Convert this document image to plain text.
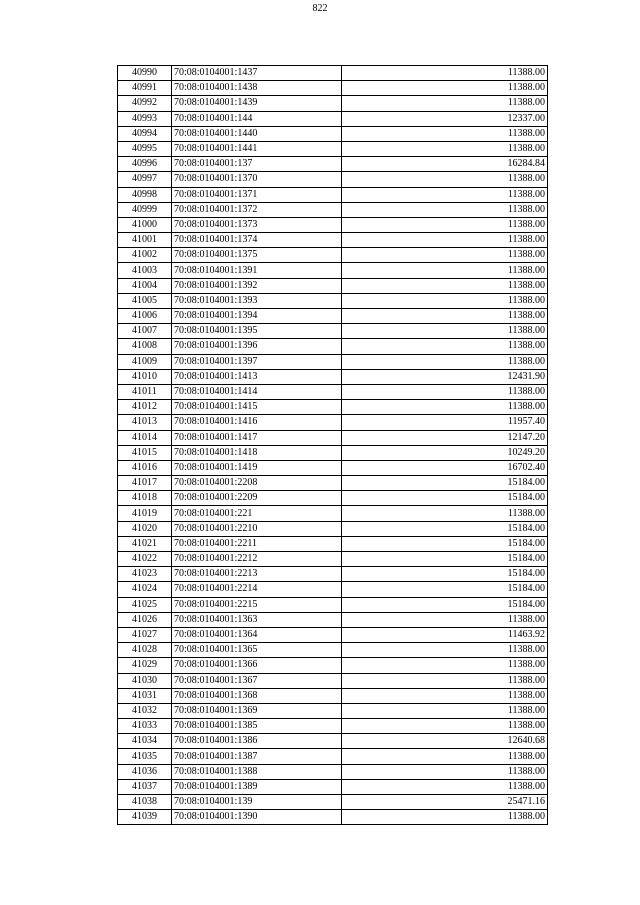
822
40990	70:08:0104001:1437	11388.00
40991	70:08:0104001:1438	11388.00
40992	70:08:0104001:1439	11388.00
40993	70:08:0104001:144	12337.00
40994	70:08:0104001:1440	11388.00
40995	70:08:0104001:1441	11388.00
40996	70:08:0104001:137	16284.84
40997	70:08:0104001:1370	11388.00
40998	70:08:0104001:1371	11388.00
40999	70:08:0104001:1372	11388.00
41000	70:08:0104001:1373	11388.00
41001	70:08:0104001:1374	11388.00
41002	70:08:0104001:1375	11388.00
41003	70:08:0104001:1391	11388.00
41004	70:08:0104001:1392	11388.00
41005	70:08:0104001:1393	11388.00
41006	70:08:0104001:1394	11388.00
41007	70:08:0104001:1395	11388.00
41008	70:08:0104001:1396	11388.00
41009	70:08:0104001:1397	11388.00
41010	70:08:0104001:1413	12431.90
41011	70:08:0104001:1414	11388.00
41012	70:08:0104001:1415	11388.00
41013	70:08:0104001:1416	11957.40
41014	70:08:0104001:1417	12147.20
41015	70:08:0104001:1418	10249.20
41016	70:08:0104001:1419	16702.40
41017	70:08:0104001:2208	15184.00
41018	70:08:0104001:2209	15184.00
41019	70:08:0104001:221	11388.00
41020	70:08:0104001:2210	15184.00
41021	70:08:0104001:2211	15184.00
41022	70:08:0104001:2212	15184.00
41023	70:08:0104001:2213	15184.00
41024	70:08:0104001:2214	15184.00
41025	70:08:0104001:2215	15184.00
41026	70:08:0104001:1363	11388.00
41027	70:08:0104001:1364	11463.92
41028	70:08:0104001:1365	11388.00
41029	70:08:0104001:1366	11388.00
41030	70:08:0104001:1367	11388.00
41031	70:08:0104001:1368	11388.00
41032	70:08:0104001:1369	11388.00
41033	70:08:0104001:1385	11388.00
41034	70:08:0104001:1386	12640.68
41035	70:08:0104001:1387	11388.00
41036	70:08:0104001:1388	11388.00
41037	70:08:0104001:1389	11388.00
41038	70:08:0104001:139	25471.16
41039	70:08:0104001:1390	11388.00
